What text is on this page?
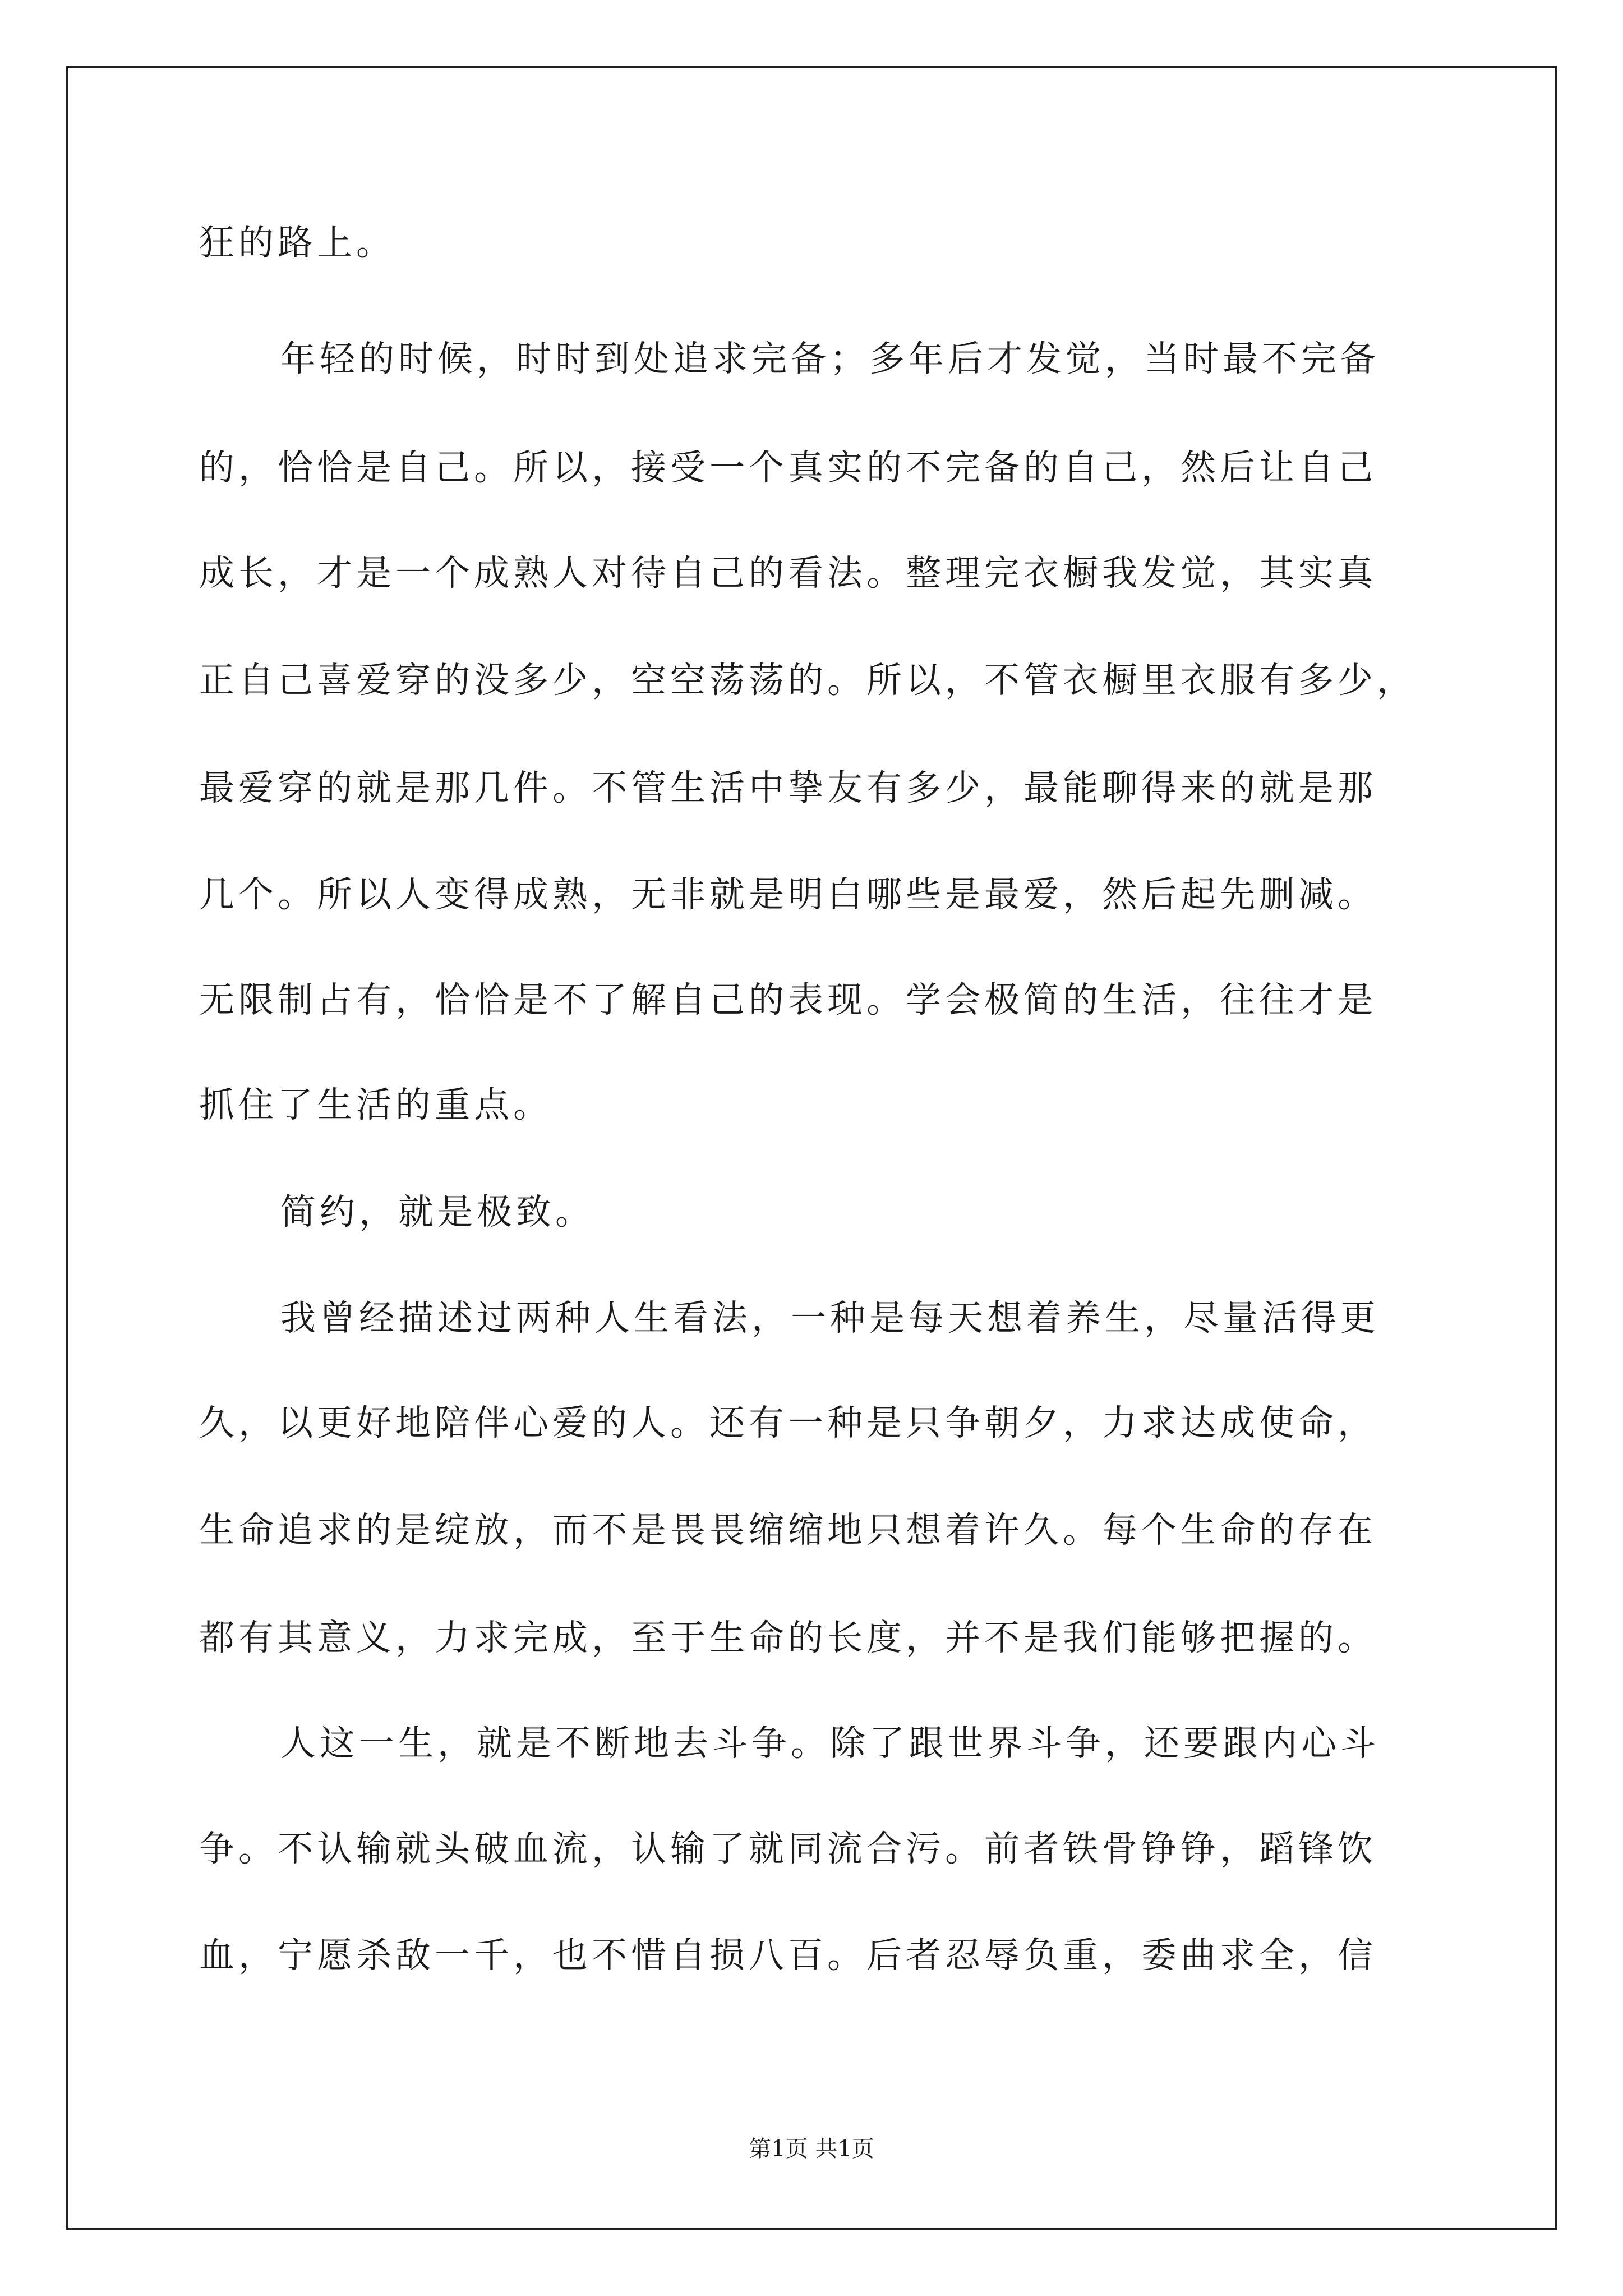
狂的路上。
年轻的时候，时时到处追求完备；多年后才发觉，当时最不完备
的，恰恰是自己。所以，接受一个真实的不完备的自己，然后让自己
成长，才是一个成熟人对待自己的看法。整理完衣橱我发觉，其实真
正自己喜爱穿的没多少，空空荡荡的。所以，不管衣橱里衣服有多少，
最爱穿的就是那几件。不管生活中挚友有多少，最能聊得来的就是那
几个。所以人变得成熟，无非就是明白哪些是最爱，然后起先删减。
无限制占有，恰恰是不了解自己的表现。学会极简的生活，往往才是
抓住了生活的重点。
简约，就是极致。
我曾经描述过两种人生看法，一种是每天想着养生，尽量活得更
久，以更好地陪伴心爱的人。还有一种是只争朝夕，力求达成使命，
生命追求的是绽放，而不是畏畏缩缩地只想着许久。每个生命的存在
都有其意义，力求完成，至于生命的长度，并不是我们能够把握的。
人这一生，就是不断地去斗争。除了跟世界斗争，还要跟内心斗
争。不认输就头破血流，认输了就同流合污。前者铁骨铮铮，蹈锋饮
血，宁愿杀敌一千，也不惜自损八百。后者忍辱负重，委曲求全，信
第1页 共1页
